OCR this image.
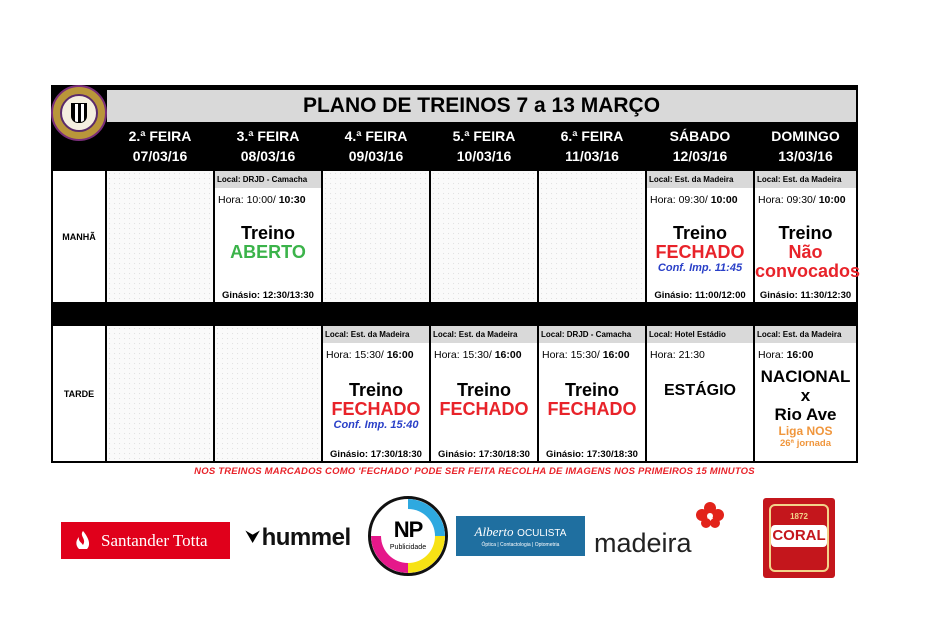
PLANO DE TREINOS 7 a 13 MARÇO
2.ª FEIRA
07/03/16
3.ª FEIRA
08/03/16
4.ª FEIRA
09/03/16
5.ª FEIRA
10/03/16
6.ª FEIRA
11/03/16
SÁBADO
12/03/16
DOMINGO
13/03/16
MANHÃ
Local: DRJD - Camacha
Hora: 10:00/ 10:30
Treino
ABERTO
Ginásio: 12:30/13:30
Local: Est. da Madeira
Hora: 09:30/ 10:00
Treino
FECHADO
Conf. Imp. 11:45
Ginásio: 11:00/12:00
Local: Est. da Madeira
Hora: 09:30/ 10:00
Treino
Não
convocados
Ginásio: 11:30/12:30
TARDE
Local: Est. da Madeira
Hora: 15:30/ 16:00
Treino
FECHADO
Conf. Imp. 15:40
Ginásio: 17:30/18:30
Local: Est. da Madeira
Hora: 15:30/ 16:00
Treino
FECHADO
Ginásio: 17:30/18:30
Local: DRJD - Camacha
Hora: 15:30/ 16:00
Treino
FECHADO
Ginásio: 17:30/18:30
Local: Hotel Estádio
Hora: 21:30
ESTÁGIO
Local: Est. da Madeira
Hora: 16:00
NACIONAL
x
Rio Ave
Liga NOS
26ª jornada
NOS TREINOS MARCADOS COMO 'FECHADO' PODE SER FEITA RECOLHA DE IMAGENS NOS PRIMEIROS 15 MINUTOS
Santander Totta ⮟ hummel	NP
Publicidade
Alberto OCULISTA
Óptica | Contactologia | Optometria madeira
1872
CORAL
